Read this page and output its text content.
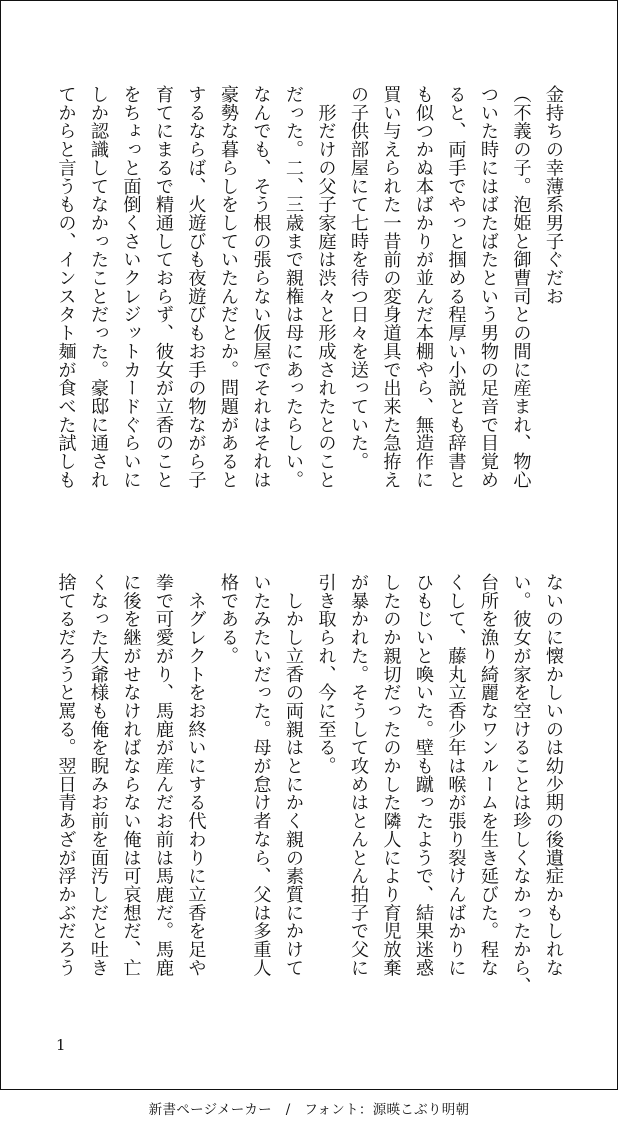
金持ちの幸薄系男子ぐだお
（不義の子。泡姫と御曹司との間に産まれ、物心
ついた時にはばたばたという男物の足音で目覚め
ると、両手でやっと掴める程厚い小説とも辞書と
も似つかぬ本ばかりが並んだ本棚やら、無造作に
買い与えられた一昔前の変身道具で出来た急拵え
の子供部屋にて七時を待つ日々を送っていた。
　形だけの父子家庭は渋々と形成されたとのこと
だった。二、三歳まで親権は母にあったらしい。
なんでも、そう根の張らない仮屋でそれはそれは
豪勢な暮らしをしていたんだとか。問題があると
するならば、火遊びも夜遊びもお手の物ながら子
育てにまるで精通しておらず、彼女が立香のこと
をちょっと面倒くさいクレジットカードぐらいに
しか認識してなかったことだった。豪邸に通され
てからと言うもの、インスタト麺が食べた試しも
ないのに懐かしいのは幼少期の後遺症かもしれな
い。彼女が家を空けることは珍しくなかったから、
台所を漁り綺麗なワンルームを生き延びた。程な
くして、藤丸立香少年は喉が張り裂けんばかりに
ひもじいと喚いた。壁も蹴ったようで、結果迷惑
したのか親切だったのかした隣人により育児放棄
が暴かれた。そうして攻めはとんとん拍子で父に
引き取られ、今に至る。
　しかし立香の両親はとにかく親の素質にかけて
いたみたいだった。母が怠け者なら、父は多重人
格である。
　ネグレクトをお終いにする代わりに立香を足や
拳で可愛がり、馬鹿が産んだお前は馬鹿だ。馬鹿
に後を継がせなければならない俺は可哀想だ、亡
くなった大爺様も俺を睨みお前を面汚しだと吐き
捨てるだろうと罵る。翌日青あざが浮かぶだろう
1
新書ページメーカー　/　フォント：源暎こぶり明朝
